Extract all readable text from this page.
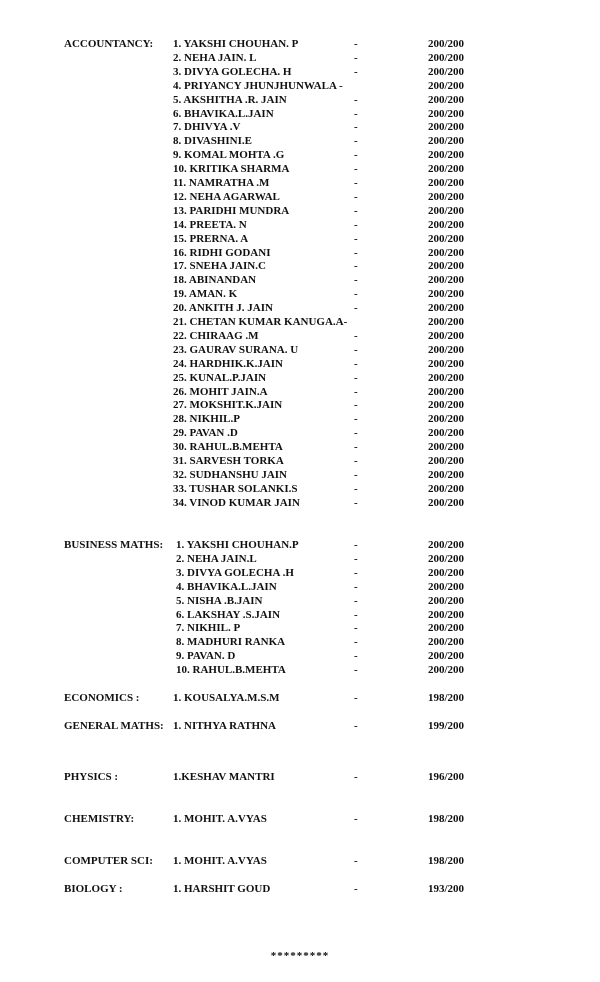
ACCOUNTANCY: 1. YAKSHI CHOUHAN. P	-	200/200
2. NEHA JAIN. L	-	200/200
3. DIVYA GOLECHA. H	-	200/200
4. PRIYANCY JHUNJHUNWALA -	200/200
5. AKSHITHA .R. JAIN	-	200/200
6. BHAVIKA.L.JAIN	-	200/200
7. DHIVYA .V	-	200/200
8. DIVASHINI.E	-	200/200
9. KOMAL MOHTA .G	-	200/200
10. KRITIKA SHARMA	-	200/200
11. NAMRATHA .M	-	200/200
12. NEHA AGARWAL	-	200/200
13. PARIDHI MUNDRA	-	200/200
14. PREETA. N	-	200/200
15. PRERNA. A	-	200/200
16. RIDHI GODANI	-	200/200
17. SNEHA JAIN.C	-	200/200
18. ABINANDAN	-	200/200
19. AMAN. K	-	200/200
20. ANKITH J. JAIN	-	200/200
21. CHETAN KUMAR KANUGA.A-	200/200
22. CHIRAAG .M	-	200/200
23. GAURAV SURANA. U	-	200/200
24. HARDHIK.K.JAIN	-	200/200
25. KUNAL.P.JAIN	-	200/200
26. MOHIT JAIN.A	-	200/200
27. MOKSHIT.K.JAIN	-	200/200
28. NIKHIL.P	-	200/200
29. PAVAN .D	-	200/200
30. RAHUL.B.MEHTA	-	200/200
31. SARVESH TORKA	-	200/200
32. SUDHANSHU JAIN	-	200/200
33. TUSHAR SOLANKI.S	-	200/200
34. VINOD KUMAR JAIN	-	200/200
BUSINESS MATHS: 1. YAKSHI CHOUHAN.P	-	200/200
2. NEHA JAIN.L	-	200/200
3. DIVYA GOLECHA .H	-	200/200
4. BHAVIKA.L.JAIN	-	200/200
5. NISHA .B.JAIN	-	200/200
6. LAKSHAY .S.JAIN	-	200/200
7. NIKHIL. P	-	200/200
8. MADHURI RANKA	-	200/200
9. PAVAN. D	-	200/200
10. RAHUL.B.MEHTA	-	200/200
ECONOMICS :	1. KOUSALYA.M.S.M	-	198/200
GENERAL MATHS: 1. NITHYA RATHNA	-	199/200
PHYSICS :	1.KESHAV MANTRI	-	196/200
CHEMISTRY:	1. MOHIT. A.VYAS	-	198/200
COMPUTER SCI: 1. MOHIT. A.VYAS	-	198/200
BIOLOGY :	1. HARSHIT GOUD	-	193/200
*********
